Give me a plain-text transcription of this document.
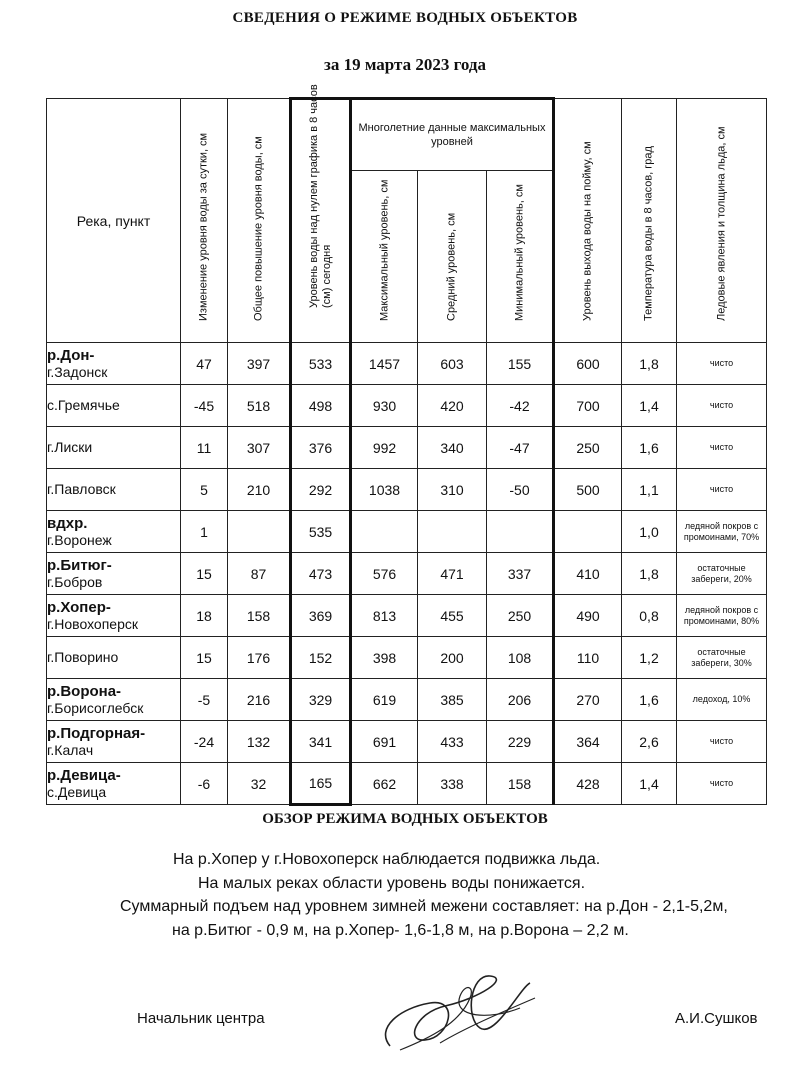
СВЕДЕНИЯ О РЕЖИМЕ ВОДНЫХ ОБЪЕКТОВ
за 19 марта 2023 года
Река, пункт	Изменение уровня воды за сутки, см	Общее повышение уровня воды, см	Уровень воды над нулем графика в 8 часов (см) сегодня	Многолетние данные максимальных уровней			Уровень выхода воды на пойму, см	Температура воды в 8 часов, град	Ледовые явления и толщина льда, см

				Максимальный уровень, см	Средний уровень, см	Минимальный уровень, см			

р.Дон-
г.Задонск	47	397	533	1457	603	155	600	1,8	чисто

с.Гремячье	-45	518	498	930	420	-42	700	1,4	чисто

г.Лиски	11	307	376	992	340	-47	250	1,6	чисто

г.Павловск	5	210	292	1038	310	-50	500	1,1	чисто

вдхр.
г.Воронеж	1		535					1,0	ледяной покров с промоинами, 70%

р.Битюг-
г.Бобров	15	87	473	576	471	337	410	1,8	остаточные забереги, 20%

р.Хопер-
г.Новохоперск	18	158	369	813	455	250	490	0,8	ледяной покров с промоинами, 80%

г.Поворино	15	176	152	398	200	108	110	1,2	остаточные забереги, 30%

р.Ворона-
г.Борисоглебск	-5	216	329	619	385	206	270	1,6	ледоход, 10%

р.Подгорная-
г.Калач	-24	132	341	691	433	229	364	2,6	чисто

р.Девица-
с.Девица	-6	32	165	662	338	158	428	1,4	чисто
ОБЗОР РЕЖИМА ВОДНЫХ ОБЪЕКТОВ
На р.Хопер у г.Новохоперск наблюдается подвижка льда.
На малых реках области уровень воды понижается.
Суммарный подъем над уровнем зимней межени составляет: на р.Дон - 2,1-5,2м,
на р.Битюг - 0,9 м, на р.Хопер- 1,6-1,8 м, на р.Ворона – 2,2 м.
Начальник центра	А.И.Сушков
